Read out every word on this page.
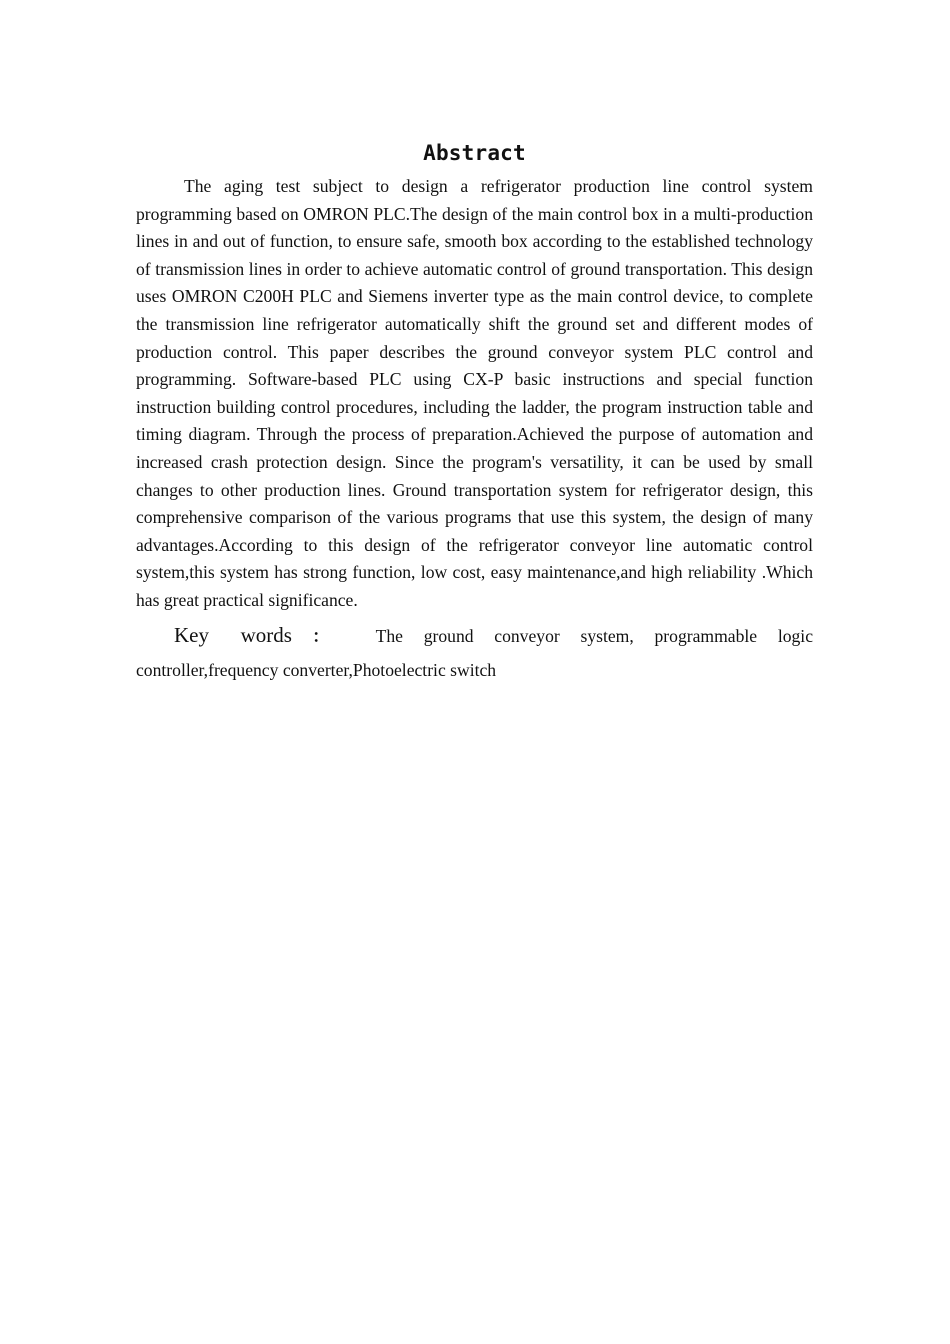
Abstract

The aging test subject to design a refrigerator production line control system programming based on OMRON PLC.The design of the main control box in a multi-production lines in and out of function, to ensure safe, smooth box according to the established technology of transmission lines in order to achieve automatic control of ground transportation. This design uses OMRON C200H PLC and Siemens inverter type as the main control device, to complete the transmission line refrigerator automatically shift the ground set and different modes of production control. This paper describes the ground conveyor system PLC control and programming. Software-based PLC using CX-P basic instructions and special function instruction building control procedures, including the ladder, the program instruction table and timing diagram. Through the process of preparation.Achieved the purpose of automation and increased crash protection design. Since the program's versatility, it can be used by small changes to other production lines. Ground transportation system for refrigerator design, this comprehensive comparison of the various programs that use this system, the design of many advantages.According to this design of the refrigerator conveyor line automatic control system,this system has strong function, low cost, easy maintenance,and high reliability .Which has great practical significance.

Key words ： The ground conveyor system, programmable logic controller,frequency converter,Photoelectric switch
